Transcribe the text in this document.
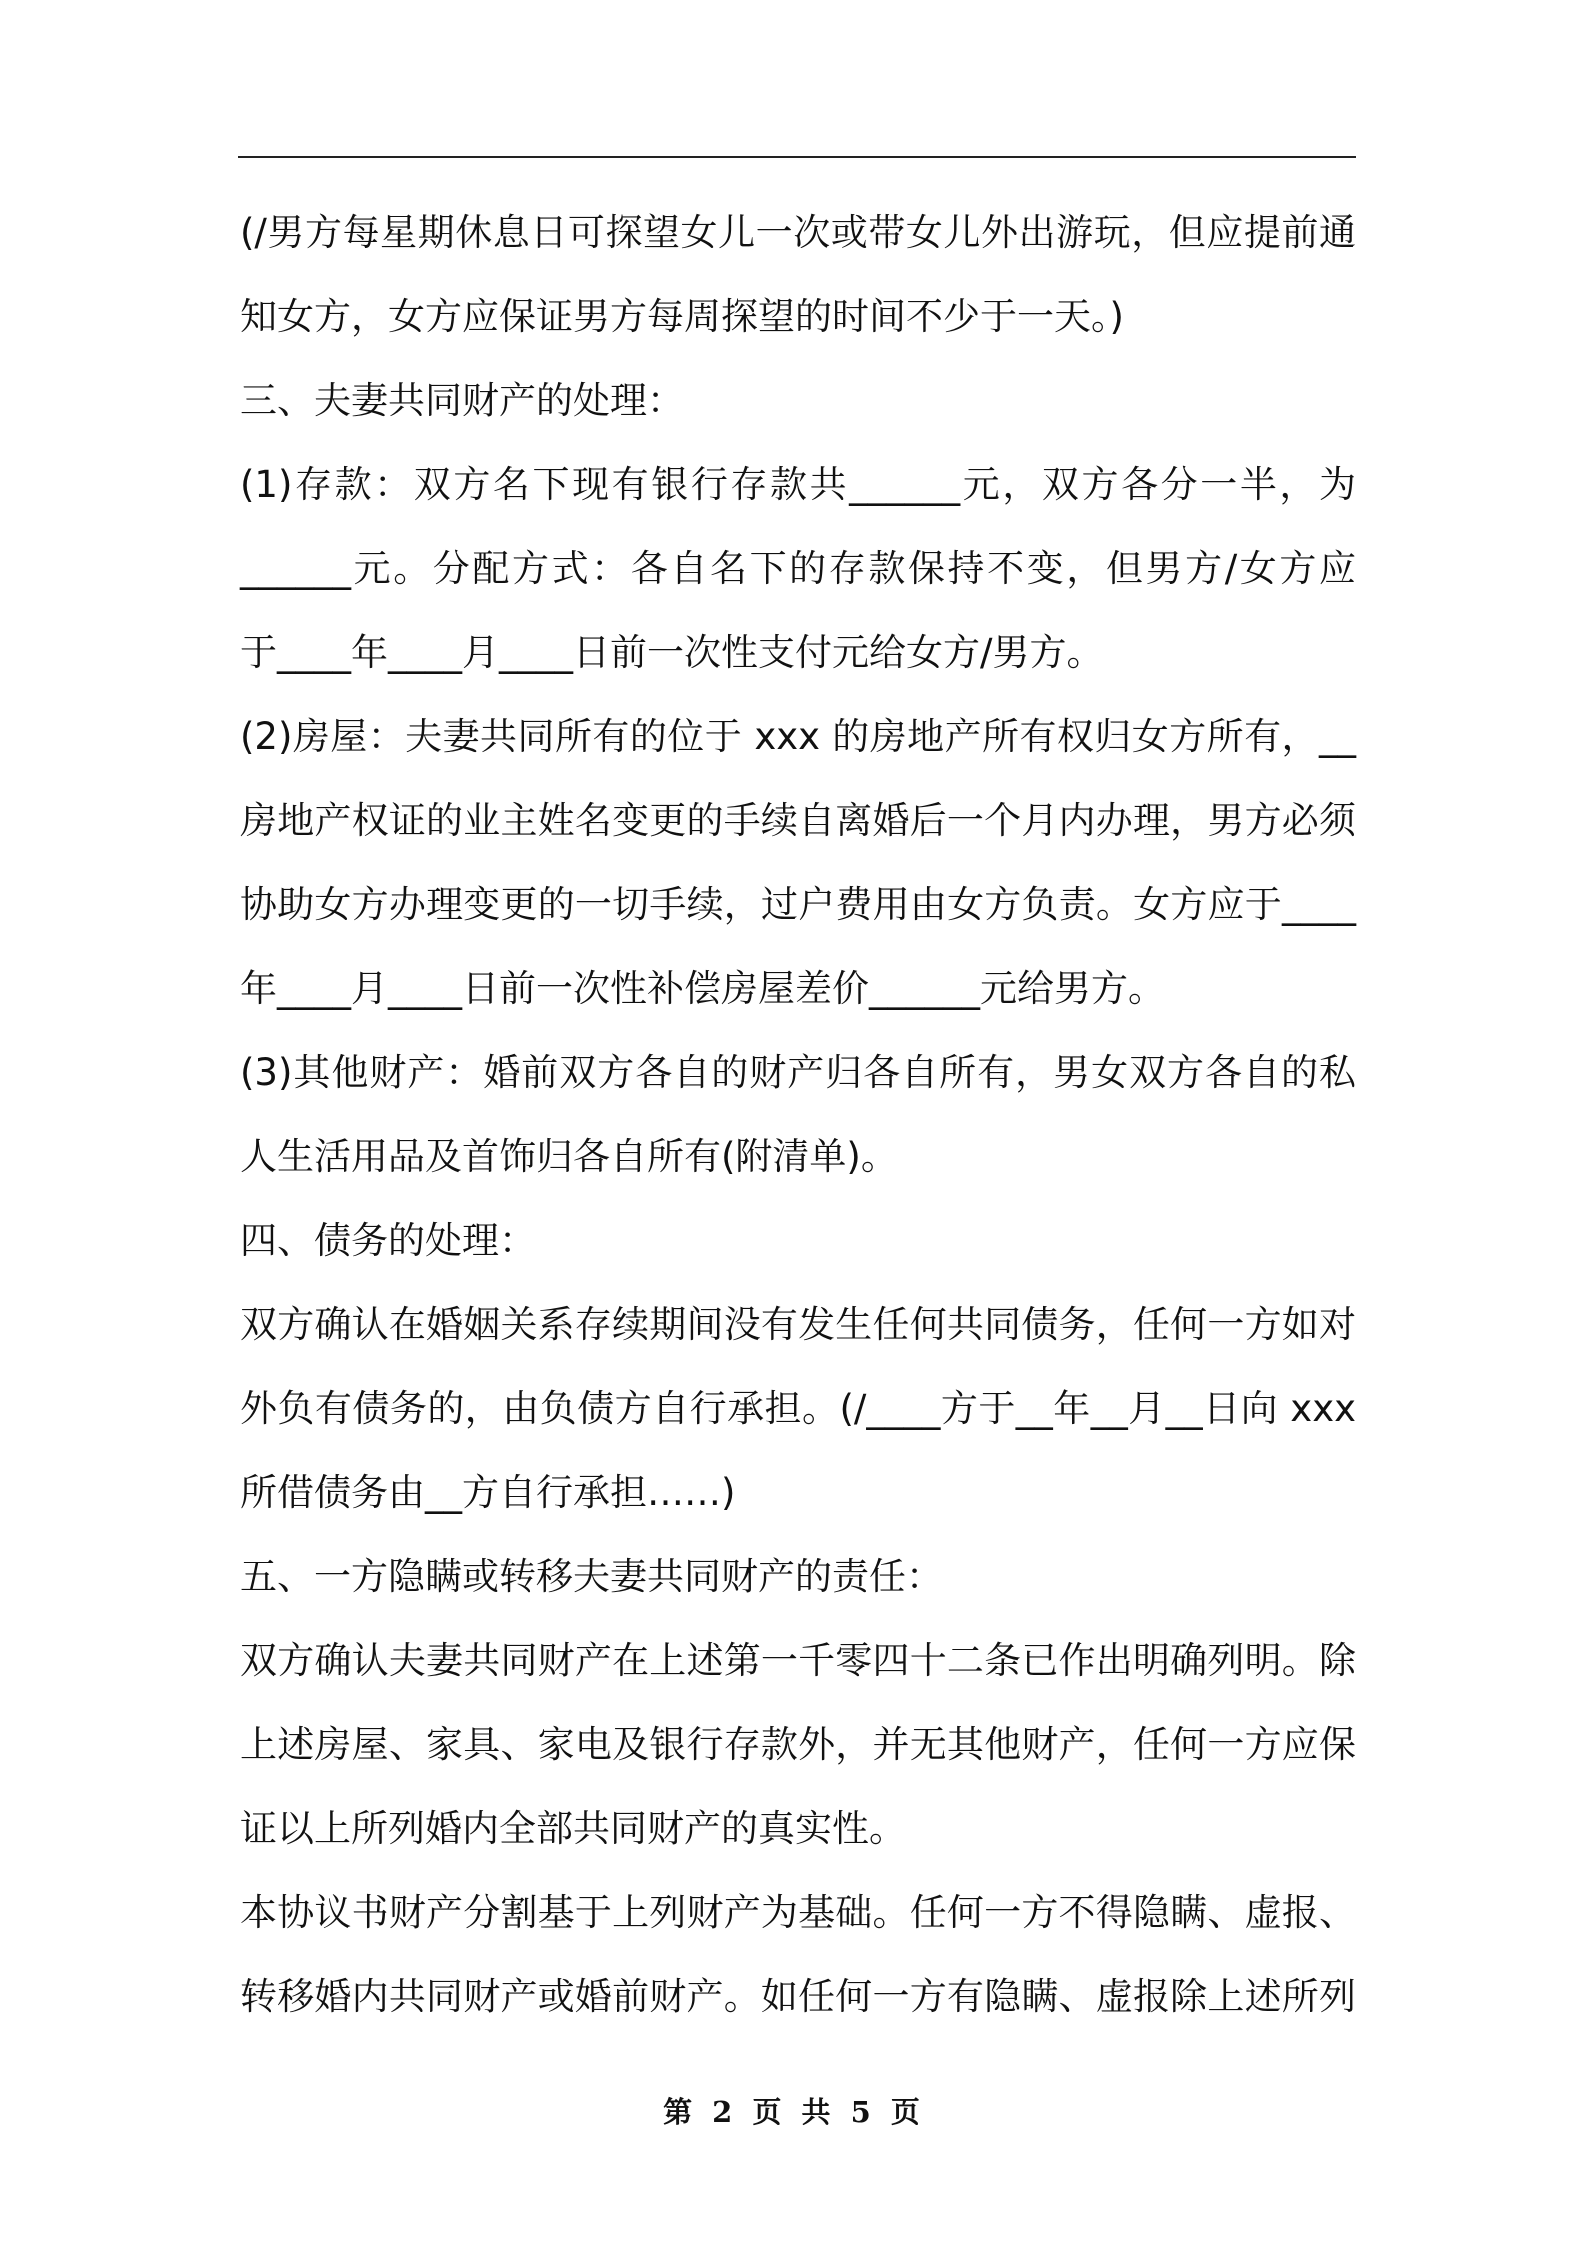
(/男方每星期休息日可探望女儿一次或带女儿外出游玩，但应提前通
知女方，女方应保证男方每周探望的时间不少于一天。)
三、夫妻共同财产的处理：
(1)存款：双方名下现有银行存款共______元，双方各分一半，为
______元。分配方式：各自名下的存款保持不变，但男方/女方应
于____年____月____日前一次性支付元给女方/男方。
(2)房屋：夫妻共同所有的位于 xxx 的房地产所有权归女方所有，__
房地产权证的业主姓名变更的手续自离婚后一个月内办理，男方必须
协助女方办理变更的一切手续，过户费用由女方负责。女方应于____
年____月____日前一次性补偿房屋差价______元给男方。
(3)其他财产：婚前双方各自的财产归各自所有，男女双方各自的私
人生活用品及首饰归各自所有(附清单)。
四、债务的处理：
双方确认在婚姻关系存续期间没有发生任何共同债务，任何一方如对
外负有债务的，由负债方自行承担。(/____方于__年__月__日向 xxx
所借债务由__方自行承担……)
五、一方隐瞒或转移夫妻共同财产的责任：
双方确认夫妻共同财产在上述第一千零四十二条已作出明确列明。除
上述房屋、家具、家电及银行存款外，并无其他财产，任何一方应保
证以上所列婚内全部共同财产的真实性。
本协议书财产分割基于上列财产为基础。任何一方不得隐瞒、虚报、
转移婚内共同财产或婚前财产。如任何一方有隐瞒、虚报除上述所列
第 2 页 共 5 页
